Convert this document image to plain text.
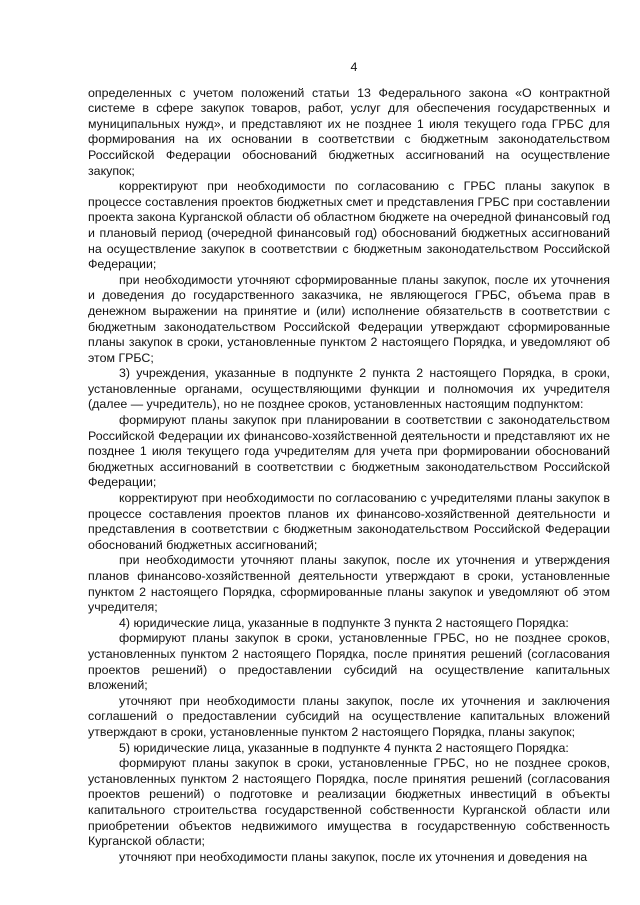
4

определенных с учетом положений статьи 13 Федерального закона «О контрактной системе в сфере закупок товаров, работ, услуг для обеспечения государственных и муниципальных нужд», и представляют их не позднее 1 июля текущего года ГРБС для формирования на их основании в соответствии с бюджетным законодательством Российской Федерации обоснований бюджетных ассигнований на осуществление закупок;

корректируют при необходимости по согласованию с ГРБС планы закупок в процессе составления проектов бюджетных смет и представления ГРБС при составлении проекта закона Курганской области об областном бюджете на очередной финансовый год и плановый период (очередной финансовый год) обоснований бюджетных ассигнований на осуществление закупок в соответствии с бюджетным законодательством Российской Федерации;

при необходимости уточняют сформированные планы закупок, после их уточнения и доведения до государственного заказчика, не являющегося ГРБС, объема прав в денежном выражении на принятие и (или) исполнение обязательств в соответствии с бюджетным законодательством Российской Федерации утверждают сформированные планы закупок в сроки, установленные пунктом 2 настоящего Порядка, и уведомляют об этом ГРБС;

3) учреждения, указанные в подпункте 2 пункта 2 настоящего Порядка, в сроки, установленные органами, осуществляющими функции и полномочия их учредителя (далее — учредитель), но не позднее сроков, установленных настоящим подпунктом:

формируют планы закупок при планировании в соответствии с законодательством Российской Федерации их финансово-хозяйственной деятельности и представляют их не позднее 1 июля текущего года учредителям для учета при формировании обоснований бюджетных ассигнований в соответствии с бюджетным законодательством Российской Федерации;

корректируют при необходимости по согласованию с учредителями планы закупок в процессе составления проектов планов их финансово-хозяйственной деятельности и представления в соответствии с бюджетным законодательством Российской Федерации обоснований бюджетных ассигнований;

при необходимости уточняют планы закупок, после их уточнения и утверждения планов финансово-хозяйственной деятельности утверждают в сроки, установленные пунктом 2 настоящего Порядка, сформированные планы закупок и уведомляют об этом учредителя;

4) юридические лица, указанные в подпункте 3 пункта 2 настоящего Порядка:

формируют планы закупок в сроки, установленные ГРБС, но не позднее сроков, установленных пунктом 2 настоящего Порядка, после принятия решений (согласования проектов решений) о предоставлении субсидий на осуществление капитальных вложений;

уточняют при необходимости планы закупок, после их уточнения и заключения соглашений о предоставлении субсидий на осуществление капитальных вложений утверждают в сроки, установленные пунктом 2 настоящего Порядка, планы закупок;

5) юридические лица, указанные в подпункте 4 пункта 2 настоящего Порядка:

формируют планы закупок в сроки, установленные ГРБС, но не позднее сроков, установленных пунктом 2 настоящего Порядка, после принятия решений (согласования проектов решений) о подготовке и реализации бюджетных инвестиций в объекты капитального строительства государственной собственности Курганской области или приобретении объектов недвижимого имущества в государственную собственность Курганской области;

уточняют при необходимости планы закупок, после их уточнения и доведения на
